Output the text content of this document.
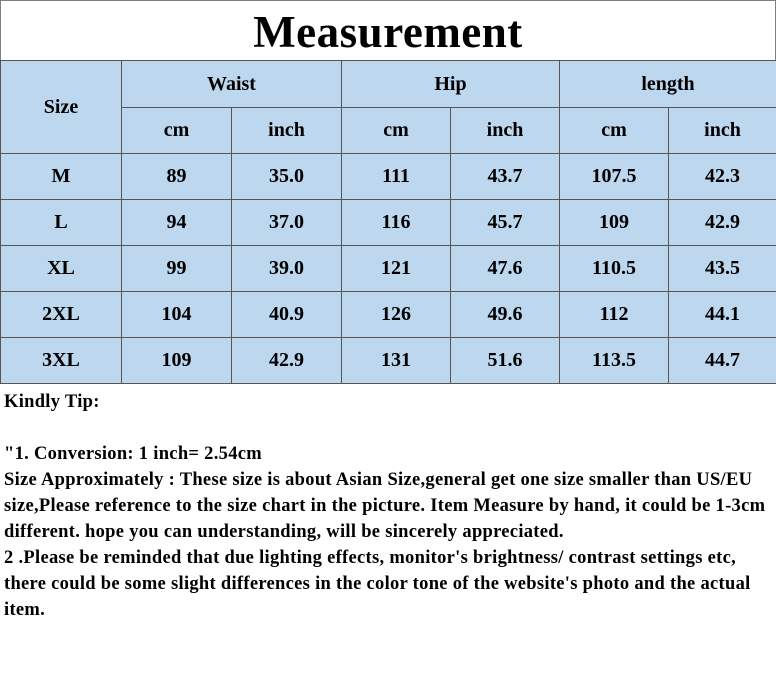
Measurement
Size	Waist		Hip		length	
	cm	inch	cm	inch	cm	inch
M	89	35.0	111	43.7	107.5	42.3
L	94	37.0	116	45.7	109	42.9
XL	99	39.0	121	47.6	110.5	43.5
2XL	104	40.9	126	49.6	112	44.1
3XL	109	42.9	131	51.6	113.5	44.7

Kindly Tip:

"1. Conversion: 1 inch= 2.54cm

Size Approximately : These size is about Asian Size,general get one size smaller than US/EU size,Please reference to the size chart in the picture. Item Measure by hand, it could be 1-3cm different. hope you can understanding, will be sincerely appreciated.

2 .Please be reminded that due lighting effects, monitor's brightness/ contrast settings etc, there could be some slight differences in the color tone of the website's photo and the actual item.
